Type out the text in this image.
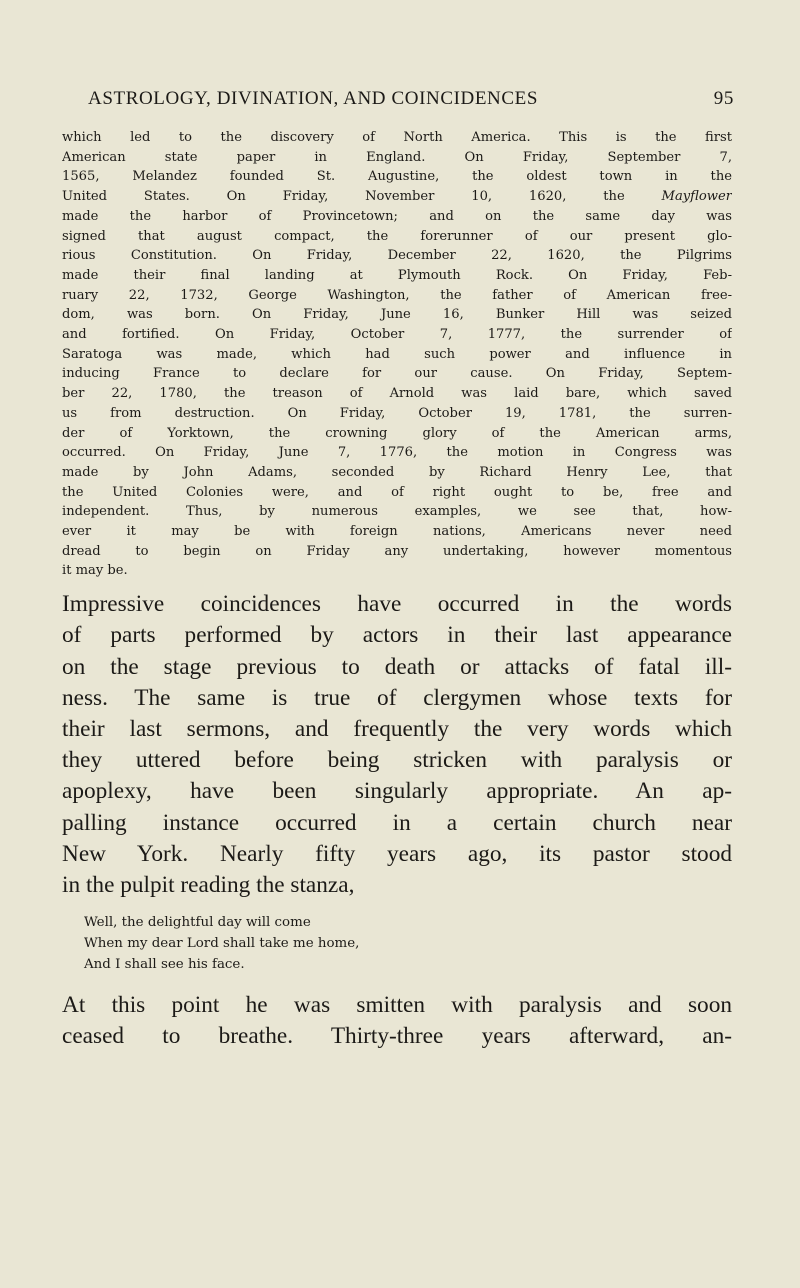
ASTROLOGY, DIVINATION, AND COINCIDENCES	95
which led to the discovery of North America. This is the first
American state paper in England. On Friday, September 7,
1565, Melandez founded St. Augustine, the oldest town in the
United States. On Friday, November 10, 1620, the Mayflower
made the harbor of Provincetown; and on the same day was
signed that august compact, the forerunner of our present glo-
rious Constitution. On Friday, December 22, 1620, the Pilgrims
made their final landing at Plymouth Rock. On Friday, Feb-
ruary 22, 1732, George Washington, the father of American free-
dom, was born. On Friday, June 16, Bunker Hill was seized
and fortified. On Friday, October 7, 1777, the surrender of
Saratoga was made, which had such power and influence in
inducing France to declare for our cause. On Friday, Septem-
ber 22, 1780, the treason of Arnold was laid bare, which saved
us from destruction. On Friday, October 19, 1781, the surren-
der of Yorktown, the crowning glory of the American arms,
occurred. On Friday, June 7, 1776, the motion in Congress was
made by John Adams, seconded by Richard Henry Lee, that
the United Colonies were, and of right ought to be, free and
independent. Thus, by numerous examples, we see that, how-
ever it may be with foreign nations, Americans never need
dread to begin on Friday any undertaking, however momentous
it may be.
Impressive coincidences have occurred in the words
of parts performed by actors in their last appearance
on the stage previous to death or attacks of fatal ill-
ness. The same is true of clergymen whose texts for
their last sermons, and frequently the very words which
they uttered before being stricken with paralysis or
apoplexy, have been singularly appropriate. An ap-
palling instance occurred in a certain church near
New York. Nearly fifty years ago, its pastor stood
in the pulpit reading the stanza,
Well, the delightful day will come
When my dear Lord shall take me home,
And I shall see his face.
At this point he was smitten with paralysis and soon
ceased to breathe. Thirty-three years afterward, an-
